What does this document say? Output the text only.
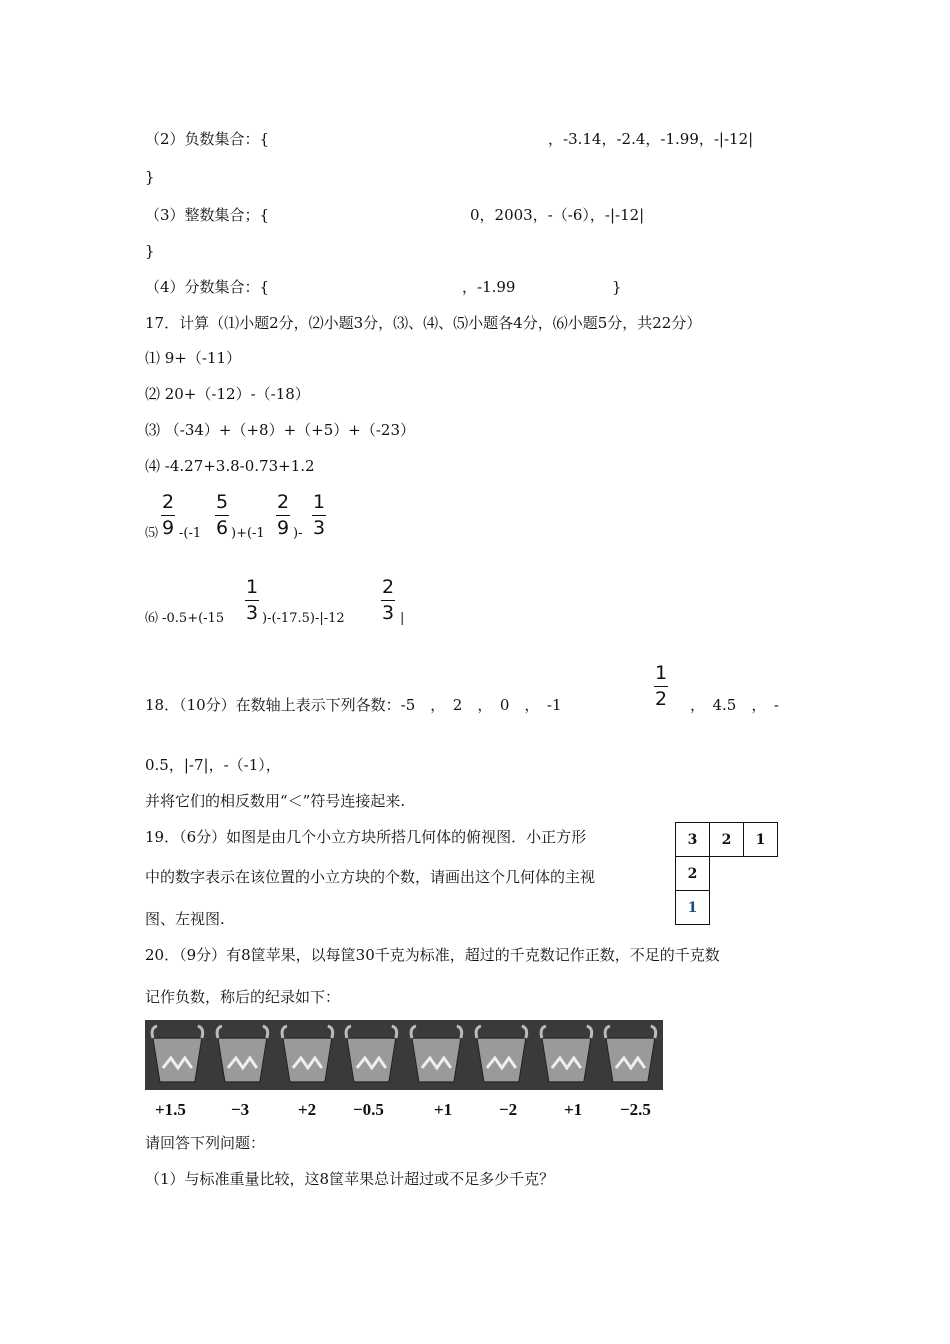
（2）负数集合：{	，-3.14，-2.4，-1.99，-|-12|
}
（3）整数集合；{	0，2003，-（-6），-|-12|
}
（4）分数集合：{	，-1.99	}
17．计算（⑴小题2分，⑵小题3分，⑶、⑷、⑸小题各4分，⑹小题5分，共22分）
⑴ 9+（-11）
⑵ 20+（-12）-（-18）
⑶ （-34）+（+8）+（+5）+（-23）
⑷ -4.27+3.8-0.73+1.2
⑸
2
9 -(-1
5
6 )+(-1
2
9 )-
1
3
⑹ -0.5+(-15
1
3 )-(-17.5)-|-12
2
3 |
18．（10分）在数轴上表示下列各数：-5　，　2　，　0　，　-1
1
2 ，　4.5　，　-
0.5，|-7|，-（-1），
并将它们的相反数用“＜”符号连接起来.
19．（6分）如图是由几个小立方块所搭几何体的俯视图．小正方形
中的数字表示在该位置的小立方块的个数，请画出这个几何体的主视
图、左视图.
3	2	1
2		
1		
20．（9分）有8筐苹果，以每筐30千克为标准，超过的千克数记作正数，不足的千克数
记作负数，称后的纪录如下：
+1.5	−3	+2 −0.5	+1	−2	+1 −2.5
请回答下列问题：
（1）与标准重量比较，这8筐苹果总计超过或不足多少千克？
